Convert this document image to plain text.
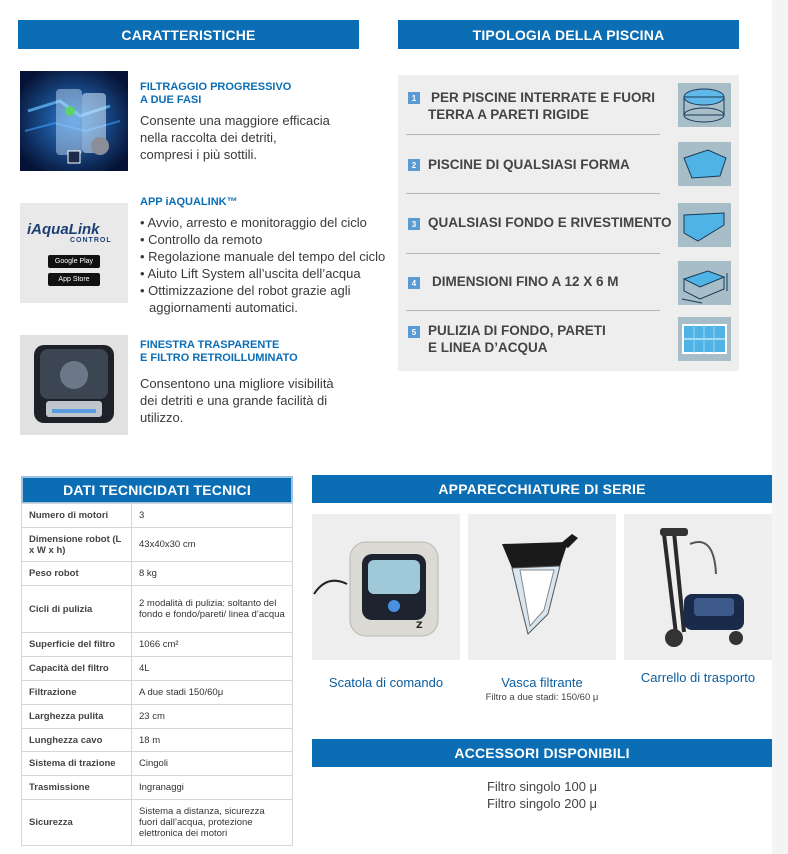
CARATTERISTICHE	TIPOLOGIA DELLA PISCINA
FILTRAGGIO PROGRESSIVO
A DUE FASI
Consente una maggiore efficacia
nella raccolta dei detriti,
compresi i più sottili.
iAquaLink
CONTROL
Google Play
App Store
APP iAQUALINK™
• Avvio, arresto e monitoraggio del ciclo
• Controllo da remoto
• Regolazione manuale del tempo del ciclo
• Aiuto Lift System all’uscita dell’acqua
• Ottimizzazione del robot grazie agli aggiornamenti automatici.
FINESTRA TRASPARENTE
E FILTRO RETROILLUMINATO
Consentono una migliore visibilità
dei detriti e una grande facilità di
utilizzo.
1 PER PISCINE INTERRATE E FUORI
TERRA A PARETI RIGIDE
2 PISCINE DI QUALSIASI FORMA
3 QUALSIASI FONDO E RIVESTIMENTO
4 DIMENSIONI FINO A 12 X 6 M
5 PULIZIA DI FONDO, PARETI
E LINEA D’ACQUA
DATI TECNICIDATI TECNICI
Numero di motori	3
Dimensione robot (L x W x h)	43x40x30 cm
Peso robot	8 kg
Cicli di pulizia	2 modalità di pulizia: soltanto del fondo e fondo/pareti/ linea d’acqua
Superficie del filtro	1066 cm²
Capacità del filtro	4L
Filtrazione	A due stadi 150/60μ
Larghezza pulita	23 cm
Lunghezza cavo	18 m
Sistema di trazione	Cingoli
Trasmissione	Ingranaggi
Sicurezza	Sistema a distanza, sicurezza fuori dall’acqua, protezione elettronica dei motori
APPARECCHIATURE DI SERIE
Z
Scatola di comando	Vasca filtrante
Filtro a due stadi: 150/60 μ
Carrello di trasporto
ACCESSORI DISPONIBILI
Filtro singolo 100 μ
Filtro singolo 200 μ
